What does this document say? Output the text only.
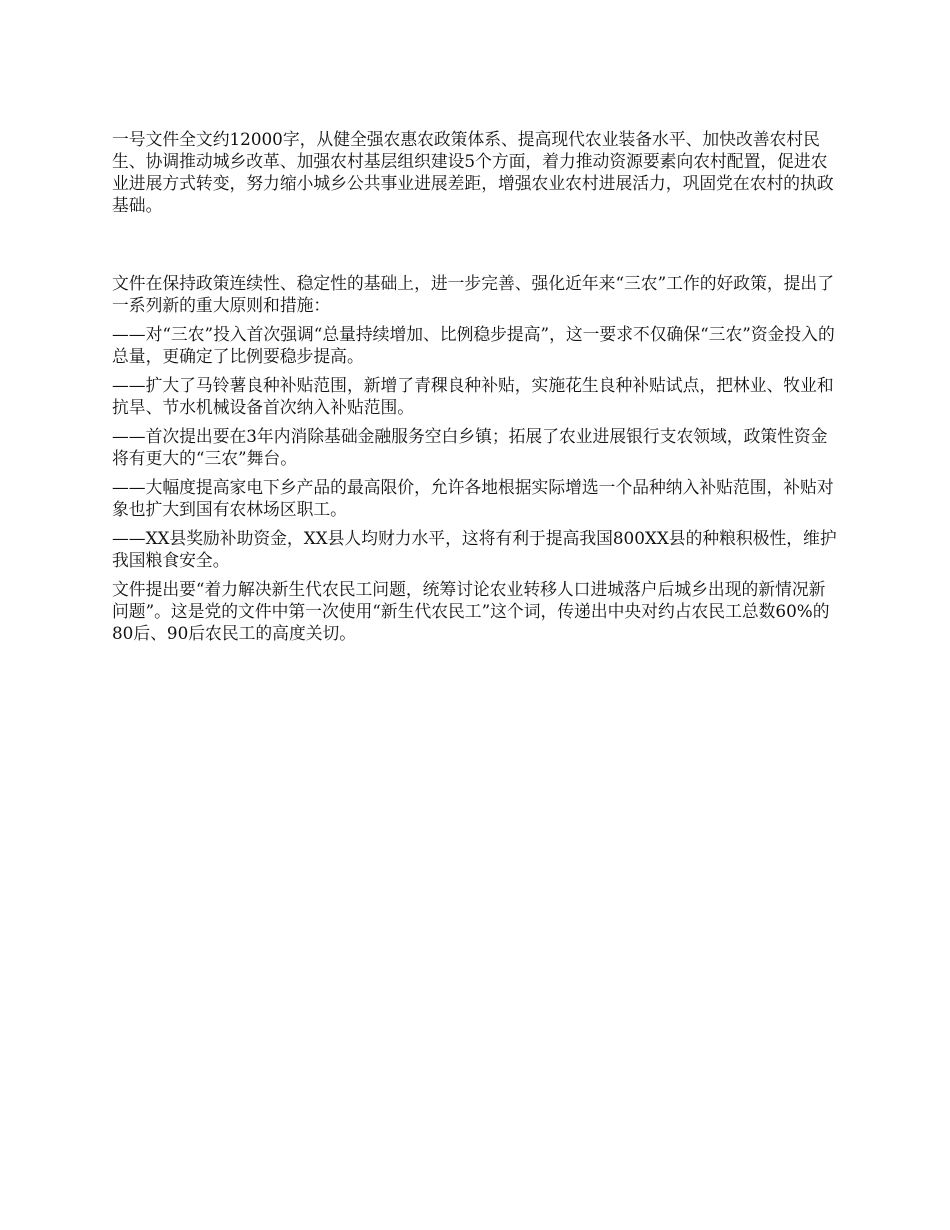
一号文件全文约12000字，从健全强农惠农政策体系、提高现代农业装备水平、加快改善农村民生、协调推动城乡改革、加强农村基层组织建设5个方面，着力推动资源要素向农村配置，促进农业进展方式转变，努力缩小城乡公共事业进展差距，增强农业农村进展活力，巩固党在农村的执政基础。

文件在保持政策连续性、稳定性的基础上，进一步完善、强化近年来“三农”工作的好政策，提出了一系列新的重大原则和措施：

——对“三农”投入首次强调“总量持续增加、比例稳步提高”，这一要求不仅确保“三农”资金投入的总量，更确定了比例要稳步提高。

——扩大了马铃薯良种补贴范围，新增了青稞良种补贴，实施花生良种补贴试点，把林业、牧业和抗旱、节水机械设备首次纳入补贴范围。

——首次提出要在3年内消除基础金融服务空白乡镇；拓展了农业进展银行支农领域，政策性资金将有更大的“三农”舞台。

——大幅度提高家电下乡产品的最高限价，允许各地根据实际增选一个品种纳入补贴范围，补贴对象也扩大到国有农林场区职工。

——XX县奖励补助资金，XX县人均财力水平，这将有利于提高我国800XX县的种粮积极性，维护我国粮食安全。

文件提出要“着力解决新生代农民工问题，统筹讨论农业转移人口进城落户后城乡出现的新情况新问题”。这是党的文件中第一次使用“新生代农民工”这个词，传递出中央对约占农民工总数60%的80后、90后农民工的高度关切。
